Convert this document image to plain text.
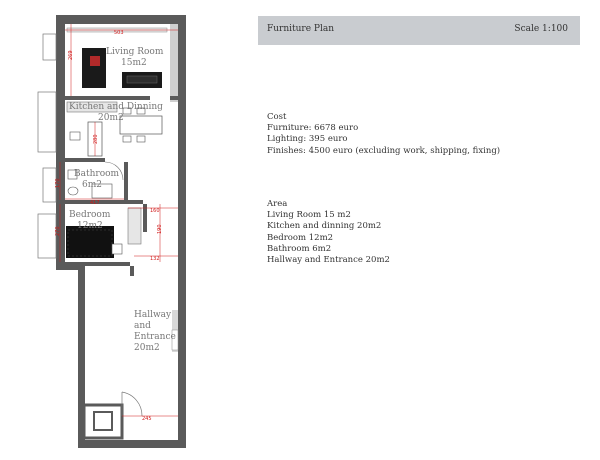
503
269
280
170
417
160
190
270
132
245
Living Room
15m2
Kitchen and Dinning
20m2
Bathroom
6m2
Bedroom
12m2
Hallway
and
Entrance
20m2
Furniture Plan	Scale 1:100
Cost
Furniture: 6678 euro
Lighting: 395 euro
Finishes: 4500 euro (excluding work, shipping, fixing)
Area
Living Room 15 m2
Kitchen and dinning 20m2
Bedroom 12m2
Bathroom 6m2
Hallway and Entrance 20m2
